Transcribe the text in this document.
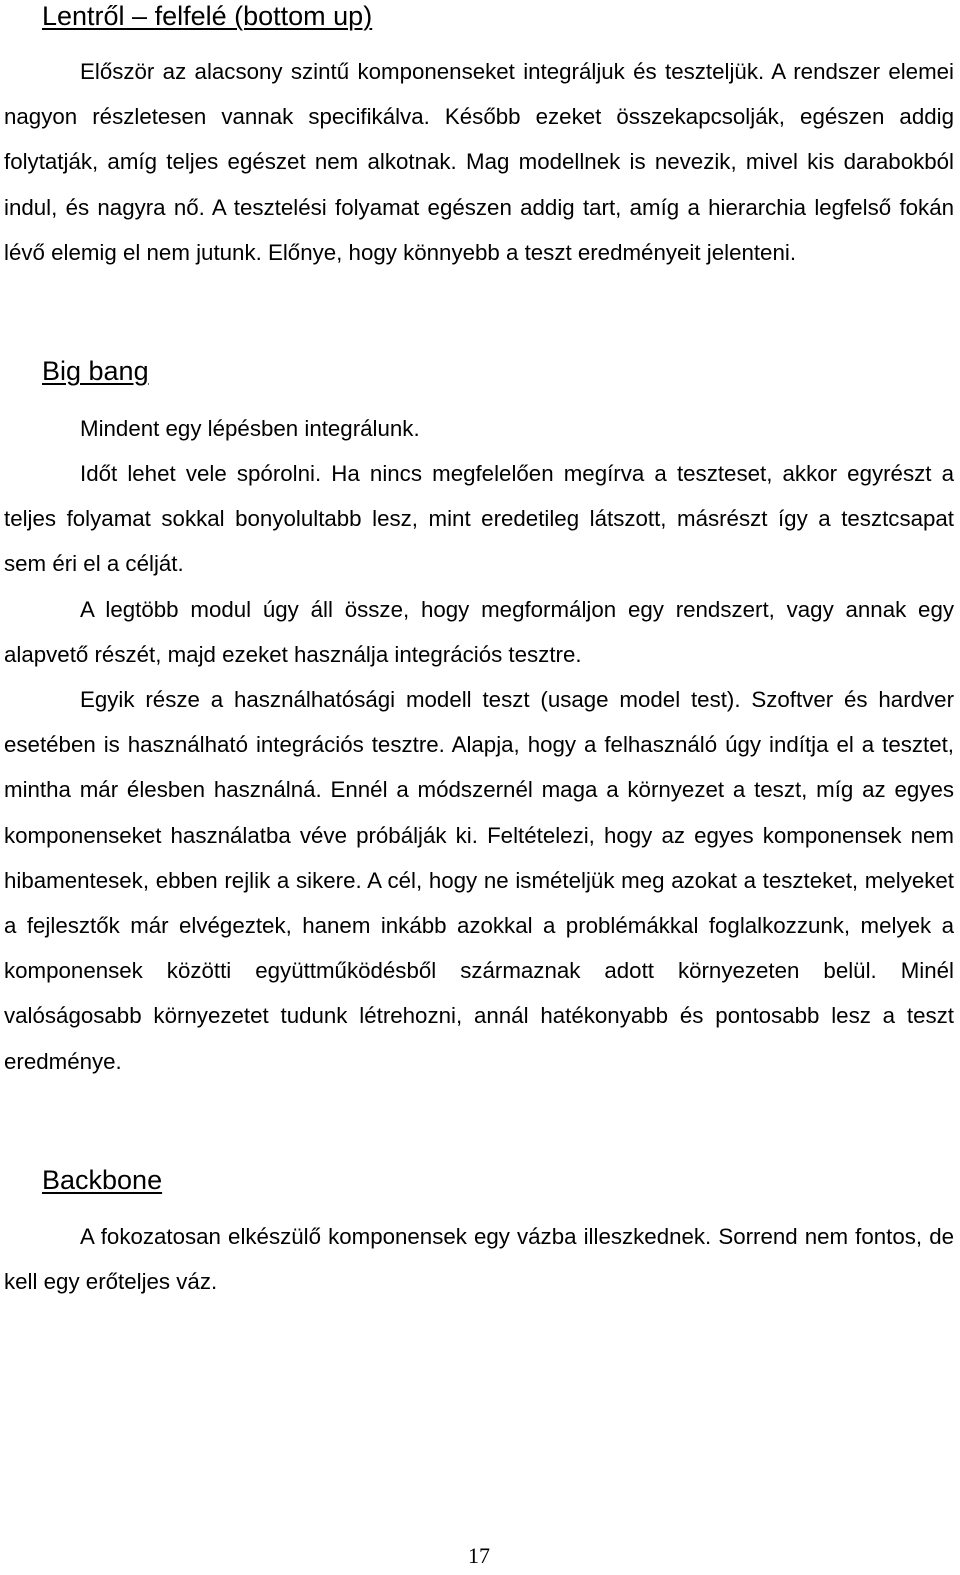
Lentről – felfelé (bottom up)

Először az alacsony szintű komponenseket integráljuk és teszteljük. A rendszer elemei nagyon részletesen vannak specifikálva. Később ezeket összekapcsolják, egészen addig folytatják, amíg teljes egészet nem alkotnak. Mag modellnek is nevezik, mivel kis darabokból indul, és nagyra nő. A tesztelési folyamat egészen addig tart, amíg a hierarchia legfelső fokán lévő elemig el nem jutunk. Előnye, hogy könnyebb a teszt eredményeit jelenteni.

Big bang

Mindent egy lépésben integrálunk.

Időt lehet vele spórolni. Ha nincs megfelelően megírva a teszteset, akkor egyrészt a teljes folyamat sokkal bonyolultabb lesz, mint eredetileg látszott, másrészt így a tesztcsapat sem éri el a célját.

A legtöbb modul úgy áll össze, hogy megformáljon egy rendszert, vagy annak egy alapvető részét, majd ezeket használja integrációs tesztre.

Egyik része a használhatósági modell teszt (usage model test). Szoftver és hardver esetében is használható integrációs tesztre. Alapja, hogy a felhasználó úgy indítja el a tesztet, mintha már élesben használná. Ennél a módszernél maga a környezet a teszt, míg az egyes komponenseket használatba véve próbálják ki. Feltételezi, hogy az egyes komponensek nem hibamentesek, ebben rejlik a sikere. A cél, hogy ne ismételjük meg azokat a teszteket, melyeket a fejlesztők már elvégeztek, hanem inkább azokkal a problémákkal foglalkozzunk, melyek a komponensek közötti együttműködésből származnak adott környezeten belül. Minél valóságosabb környezetet tudunk létrehozni, annál hatékonyabb és pontosabb lesz a teszt eredménye.

Backbone

A fokozatosan elkészülő komponensek egy vázba illeszkednek. Sorrend nem fontos, de kell egy erőteljes váz.

17
